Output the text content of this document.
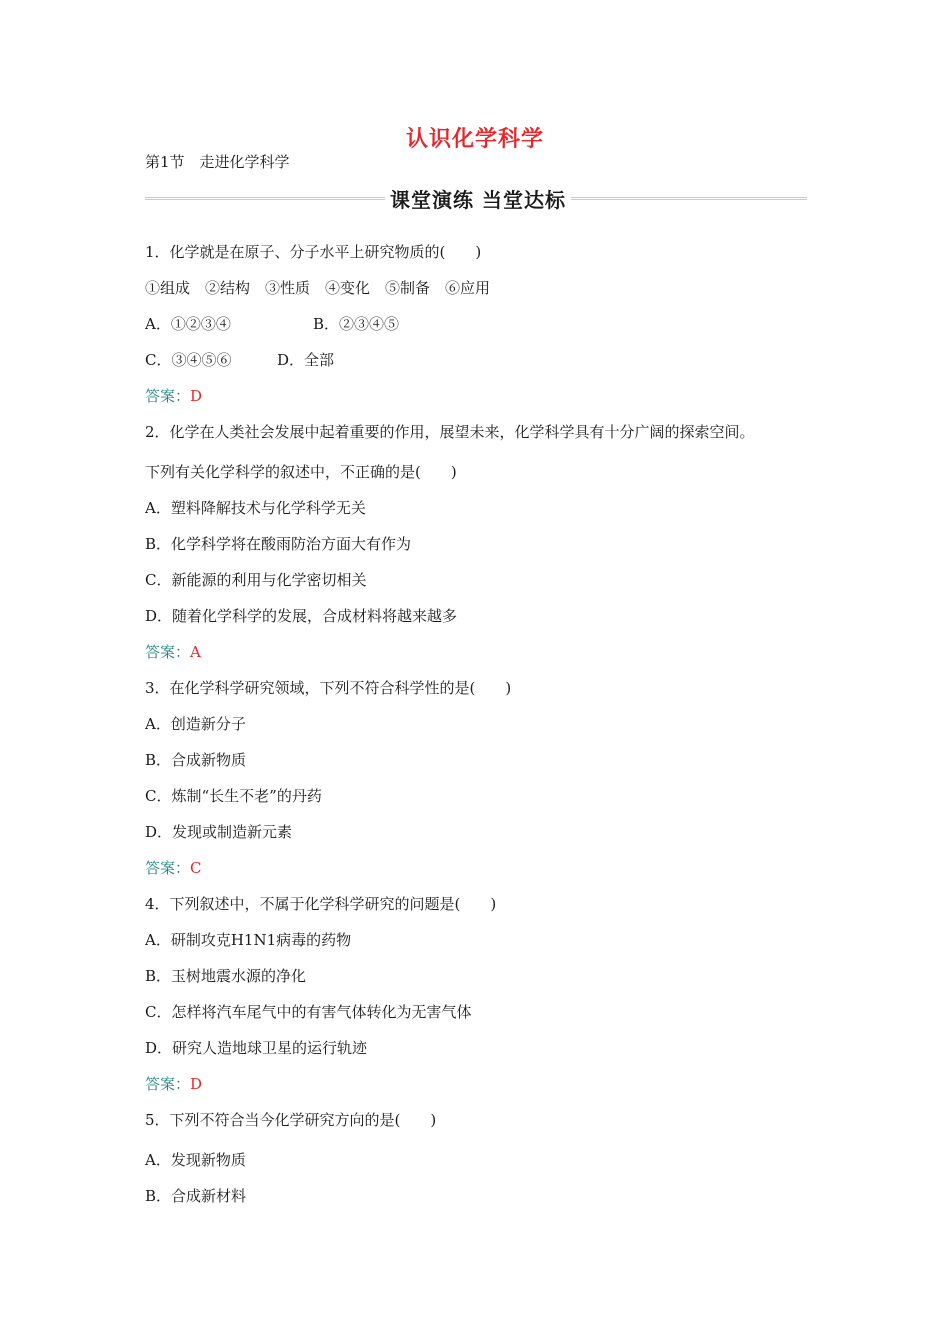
认识化学科学
第1节　走进化学科学
课堂演练 当堂达标
1．化学就是在原子、分子水平上研究物质的(　　)
①组成　②结构　③性质　④变化　⑤制备　⑥应用
A．①②③④	B．②③④⑤
C．③④⑤⑥	D．全部
答案：D
2．化学在人类社会发展中起着重要的作用，展望未来，化学科学具有十分广阔的探索空间。
下列有关化学科学的叙述中，不正确的是(　　)
A．塑料降解技术与化学科学无关
B．化学科学将在酸雨防治方面大有作为
C．新能源的利用与化学密切相关
D．随着化学科学的发展，合成材料将越来越多
答案：A
3．在化学科学研究领域，下列不符合科学性的是(　　)
A．创造新分子
B．合成新物质
C．炼制“长生不老”的丹药
D．发现或制造新元素
答案：C
4．下列叙述中，不属于化学科学研究的问题是(　　)
A．研制攻克H1N1病毒的药物
B．玉树地震水源的净化
C．怎样将汽车尾气中的有害气体转化为无害气体
D．研究人造地球卫星的运行轨迹
答案：D
5．下列不符合当今化学研究方向的是(　　)
A．发现新物质
B．合成新材料
